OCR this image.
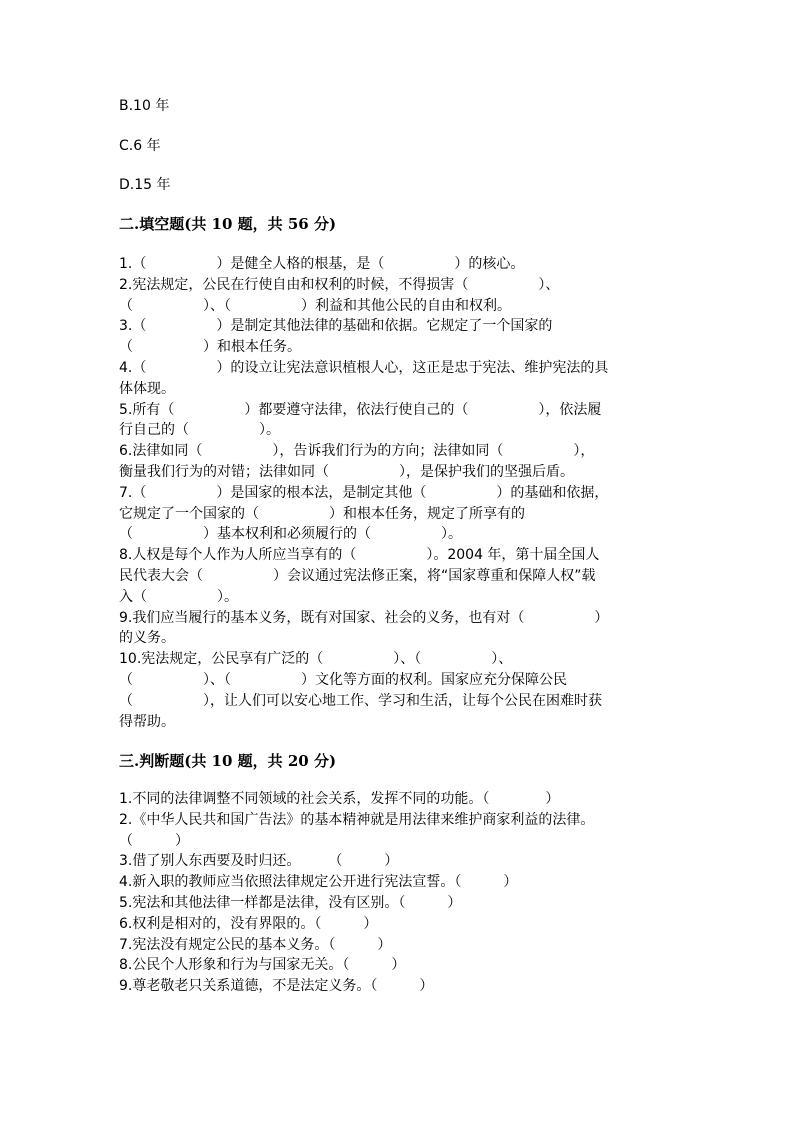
B.10 年
C.6 年
D.15 年
二.填空题(共 10 题，共 56 分)
1.（　　　　　）是健全人格的根基，是（　　　　　）的核心。
2.宪法规定，公民在行使自由和权利的时候，不得损害（　　　　　）、
（　　　　　）、（　　　　　）利益和其他公民的自由和权利。
3.（　　　　　）是制定其他法律的基础和依据。它规定了一个国家的
（　　　　　）和根本任务。
4.（　　　　　）的设立让宪法意识植根人心，这正是忠于宪法、维护宪法的具
体体现。
5.所有（　　　　　）都要遵守法律，依法行使自己的（　　　　　），依法履
行自己的（　　　　　）。
6.法律如同（　　　　　），告诉我们行为的方向；法律如同（　　　　　），
衡量我们行为的对错；法律如同（　　　　　），是保护我们的坚强后盾。
7.（　　　　　）是国家的根本法，是制定其他（　　　　　）的基础和依据，
它规定了一个国家的（　　　　　）和根本任务，规定了所享有的
（　　　　　）基本权利和必须履行的（　　　　　）。
8.人权是每个人作为人所应当享有的（　　　　　）。2004 年，第十届全国人
民代表大会（　　　　　）会议通过宪法修正案，将“国家尊重和保障人权”载
入（　　　　　）。
9.我们应当履行的基本义务，既有对国家、社会的义务，也有对（　　　　　）
的义务。
10.宪法规定，公民享有广泛的（　　　　　）、（　　　　　）、
（　　　　　）、（　　　　　）文化等方面的权利。国家应充分保障公民
（　　　　　），让人们可以安心地工作、学习和生活，让每个公民在困难时获
得帮助。
三.判断题(共 10 题，共 20 分)
1.不同的法律调整不同领域的社会关系，发挥不同的功能。（　　　　）
2.《中华人民共和国广告法》的基本精神就是用法律来维护商家利益的法律。
（　　　）
3.借了别人东西要及时归还。　　　（　　　）
4.新入职的教师应当依照法律规定公开进行宪法宣誓。（　　　）
5.宪法和其他法律一样都是法律，没有区别。（　　　）
6.权利是相对的，没有界限的。（　　　）
7.宪法没有规定公民的基本义务。（　　　）
8.公民个人形象和行为与国家无关。（　　　）
9.尊老敬老只关系道德，不是法定义务。（　　　）
